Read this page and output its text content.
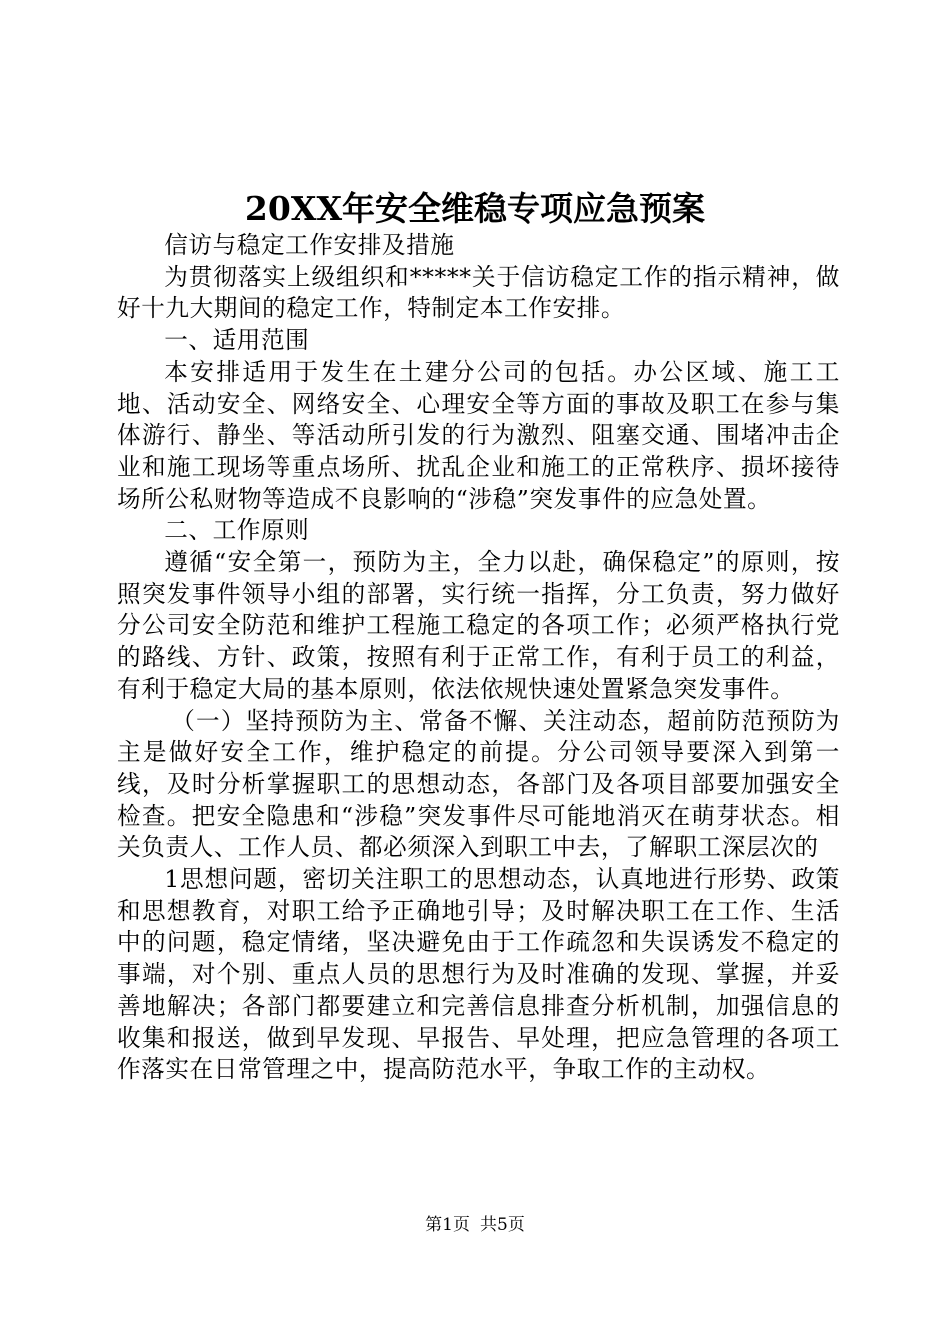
20XX年安全维稳专项应急预案

信访与稳定工作安排及措施

为贯彻落实上级组织和*****关于信访稳定工作的指示精神，做好十九大期间的稳定工作，特制定本工作安排。

一、适用范围

本安排适用于发生在土建分公司的包括。办公区域、施工工地、活动安全、网络安全、心理安全等方面的事故及职工在参与集体游行、静坐、等活动所引发的行为激烈、阻塞交通、围堵冲击企业和施工现场等重点场所、扰乱企业和施工的正常秩序、损坏接待场所公私财物等造成不良影响的“涉稳”突发事件的应急处置。

二、工作原则

遵循“安全第一，预防为主，全力以赴，确保稳定”的原则，按照突发事件领导小组的部署，实行统一指挥，分工负责，努力做好分公司安全防范和维护工程施工稳定的各项工作；必须严格执行党的路线、方针、政策，按照有利于正常工作，有利于员工的利益，有利于稳定大局的基本原则，依法依规快速处置紧急突发事件。

（一）坚持预防为主、常备不懈、关注动态，超前防范预防为主是做好安全工作，维护稳定的前提。分公司领导要深入到第一线，及时分析掌握职工的思想动态，各部门及各项目部要加强安全检查。把安全隐患和“涉稳”突发事件尽可能地消灭在萌芽状态。相关负责人、工作人员、都必须深入到职工中去，了解职工深层次的

1思想问题，密切关注职工的思想动态，认真地进行形势、政策和思想教育，对职工给予正确地引导；及时解决职工在工作、生活中的问题，稳定情绪，坚决避免由于工作疏忽和失误诱发不稳定的事端，对个别、重点人员的思想行为及时准确的发现、掌握，并妥善地解决；各部门都要建立和完善信息排查分析机制，加强信息的收集和报送，做到早发现、早报告、早处理，把应急管理的各项工作落实在日常管理之中，提高防范水平，争取工作的主动权。

第1页 共5页
